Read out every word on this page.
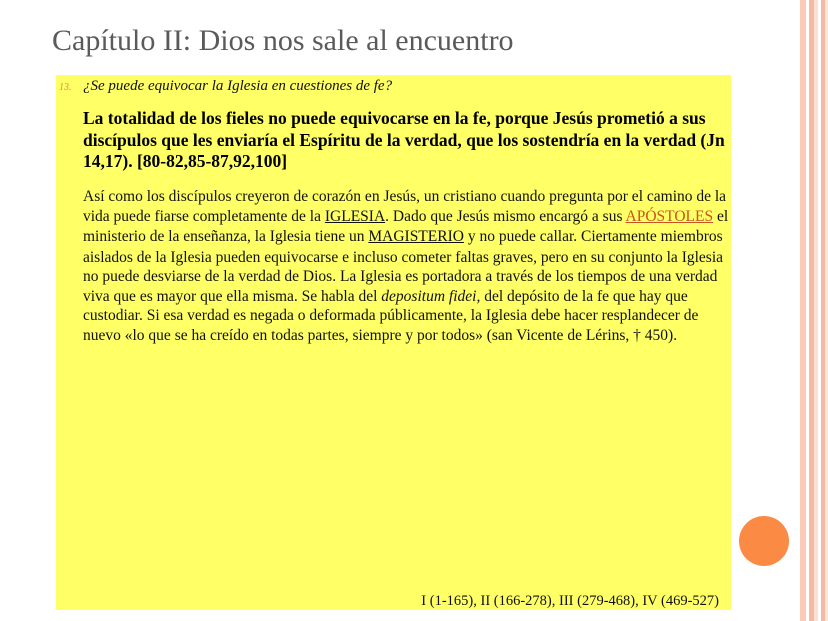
Capítulo II: Dios nos sale al encuentro
13. ¿Se puede equivocar la Iglesia en cuestiones de fe?
La totalidad de los fieles no puede equivocarse en la fe, porque Jesús prometió a sus discípulos que les enviaría el Espíritu de la verdad, que los sostendría en la verdad (Jn 14,17). [80-82,85-87,92,100]
Así como los discípulos creyeron de corazón en Jesús, un cristiano cuando pregunta por el camino de la vida puede fiarse completamente de la IGLESIA. Dado que Jesús mismo encargó a sus APÓSTOLES el ministerio de la enseñanza, la Iglesia tiene un MAGISTERIO y no puede callar. Ciertamente miembros aislados de la Iglesia pueden equivocarse e incluso cometer faltas graves, pero en su conjunto la Iglesia no puede desviarse de la verdad de Dios. La Iglesia es portadora a través de los tiempos de una verdad viva que es mayor que ella misma. Se habla del depositum fidei, del depósito de la fe que hay que custodiar. Si esa verdad es negada o deformada públicamente, la Iglesia debe hacer resplandecer de nuevo «lo que se ha creído en todas partes, siempre y por todos» (san Vicente de Lérins, † 450).
I (1-165), II (166-278), III (279-468), IV (469-527)
